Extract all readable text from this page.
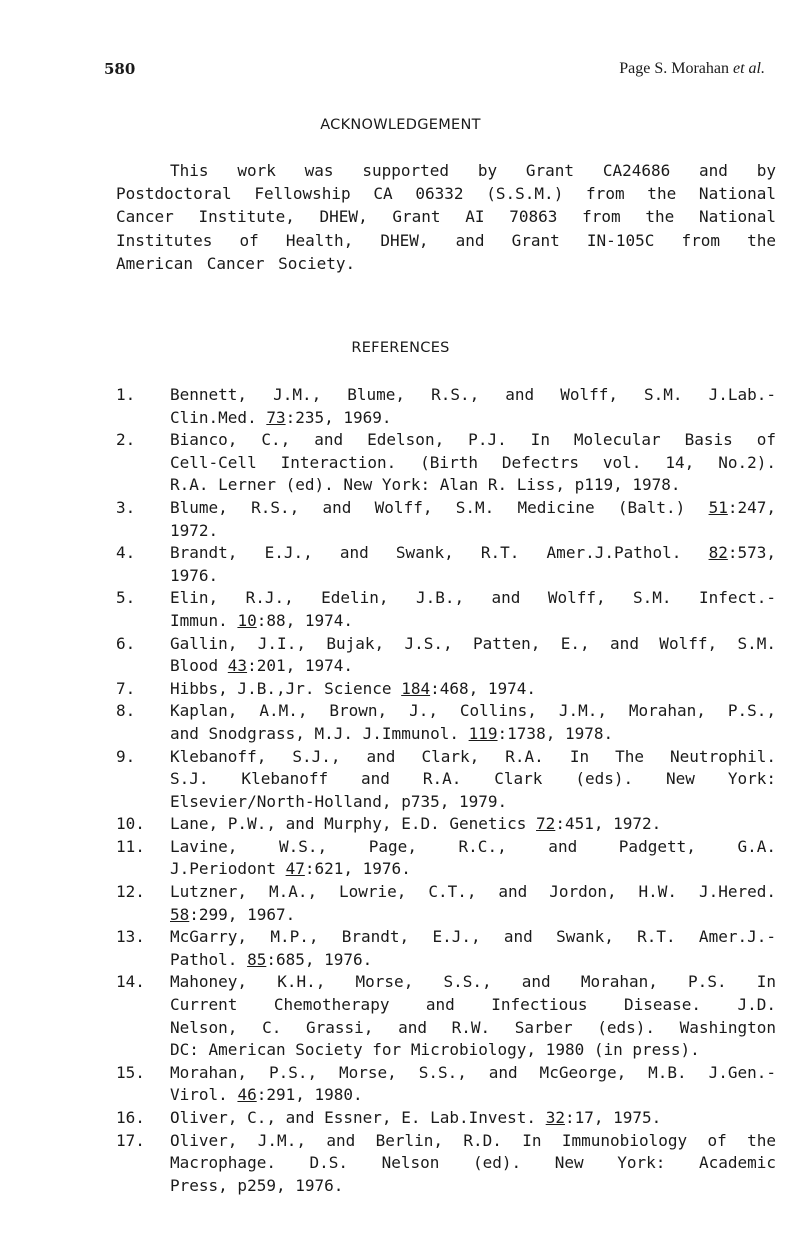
580	Page S. Morahan et al.
ACKNOWLEDGEMENT
This work was supported by Grant CA24686 and by
Postdoctoral Fellowship CA 06332 (S.S.M.) from the National
Cancer Institute, DHEW, Grant AI 70863 from the National
Institutes of Health, DHEW, and Grant IN-105C from the
American Cancer Society.
REFERENCES
1.	Bennett, J.M., Blume, R.S., and Wolff, S.M. J.Lab.-
Clin.Med. 73:235, 1969.
2.	Bianco, C., and Edelson, P.J. In Molecular Basis of
Cell-Cell Interaction. (Birth Defectrs vol. 14, No.2).
R.A. Lerner (ed). New York: Alan R. Liss, p119, 1978.
3.	Blume, R.S., and Wolff, S.M. Medicine (Balt.) 51:247,
1972.
4.	Brandt, E.J., and Swank, R.T. Amer.J.Pathol. 82:573,
1976.
5.	Elin, R.J., Edelin, J.B., and Wolff, S.M. Infect.-
Immun. 10:88, 1974.
6.	Gallin, J.I., Bujak, J.S., Patten, E., and Wolff, S.M.
Blood 43:201, 1974.
7.	Hibbs, J.B.,Jr. Science 184:468, 1974.
8.	Kaplan, A.M., Brown, J., Collins, J.M., Morahan, P.S.,
and Snodgrass, M.J. J.Immunol. 119:1738, 1978.
9.	Klebanoff, S.J., and Clark, R.A. In The Neutrophil.
S.J. Klebanoff and R.A. Clark (eds). New York:
Elsevier/North-Holland, p735, 1979.
10.	Lane, P.W., and Murphy, E.D. Genetics 72:451, 1972.
11.	Lavine, W.S., Page, R.C., and Padgett, G.A.
J.Periodont 47:621, 1976.
12.	Lutzner, M.A., Lowrie, C.T., and Jordon, H.W. J.Hered.
58:299, 1967.
13.	McGarry, M.P., Brandt, E.J., and Swank, R.T. Amer.J.-
Pathol. 85:685, 1976.
14.	Mahoney, K.H., Morse, S.S., and Morahan, P.S. In
Current Chemotherapy and Infectious Disease. J.D.
Nelson, C. Grassi, and R.W. Sarber (eds). Washington
DC: American Society for Microbiology, 1980 (in press).
15.	Morahan, P.S., Morse, S.S., and McGeorge, M.B. J.Gen.-
Virol. 46:291, 1980.
16.	Oliver, C., and Essner, E. Lab.Invest. 32:17, 1975.
17.	Oliver, J.M., and Berlin, R.D. In Immunobiology of the
Macrophage. D.S. Nelson (ed). New York: Academic
Press, p259, 1976.
